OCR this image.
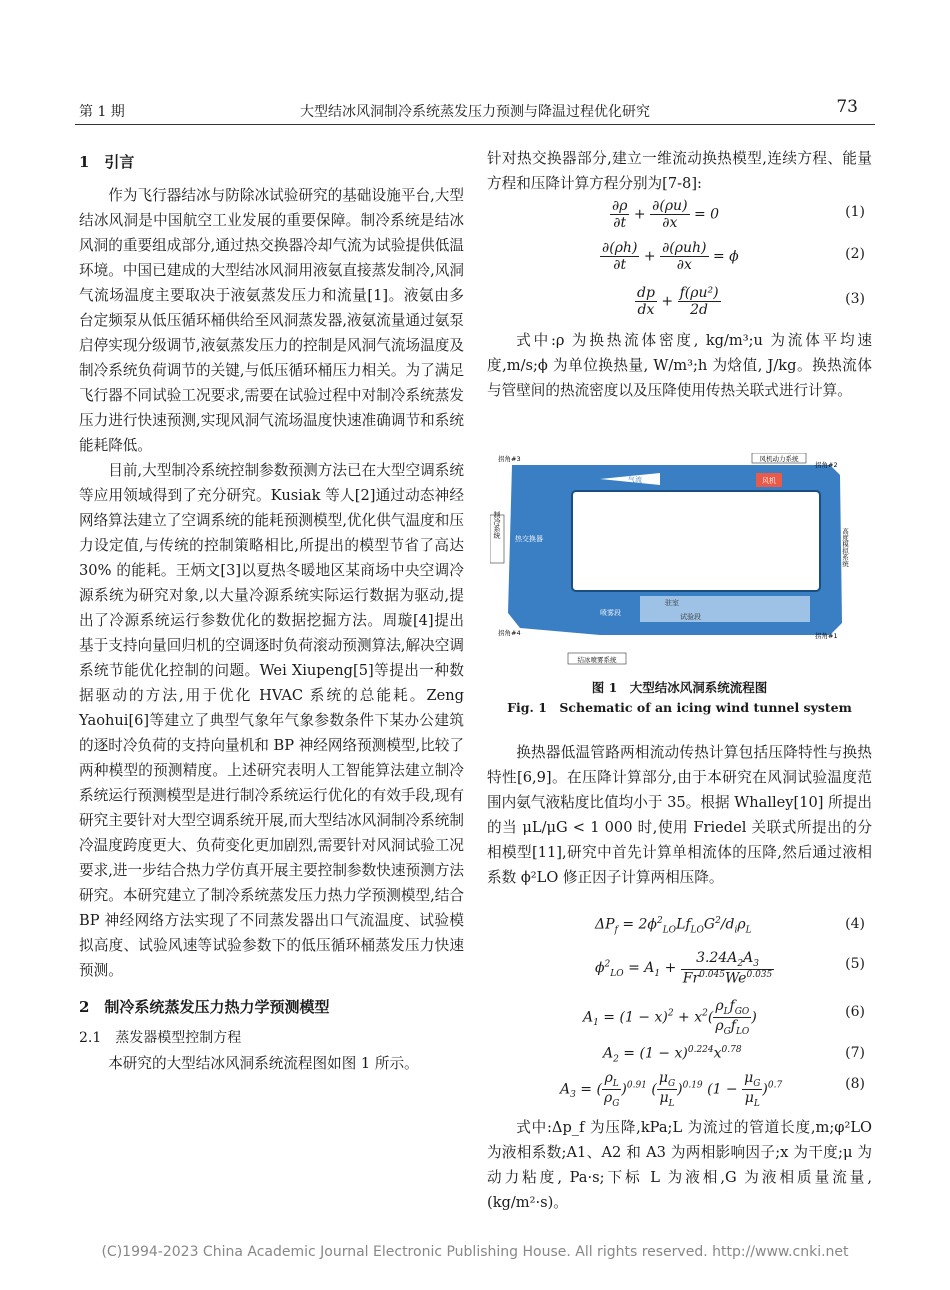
第 1 期	大型结冰风洞制冷系统蒸发压力预测与降温过程优化研究	73
1　引言

作为飞行器结冰与防除冰试验研究的基础设施平台,大型结冰风洞是中国航空工业发展的重要保障。制冷系统是结冰风洞的重要组成部分,通过热交换器冷却气流为试验提供低温环境。中国已建成的大型结冰风洞用液氨直接蒸发制冷,风洞气流场温度主要取决于液氨蒸发压力和流量[1]。液氨由多台定频泵从低压循环桶供给至风洞蒸发器,液氨流量通过氨泵启停实现分级调节,液氨蒸发压力的控制是风洞气流场温度及制冷系统负荷调节的关键,与低压循环桶压力相关。为了满足飞行器不同试验工况要求,需要在试验过程中对制冷系统蒸发压力进行快速预测,实现风洞气流场温度快速准确调节和系统能耗降低。

目前,大型制冷系统控制参数预测方法已在大型空调系统等应用领域得到了充分研究。Kusiak 等人[2]通过动态神经网络算法建立了空调系统的能耗预测模型,优化供气温度和压力设定值,与传统的控制策略相比,所提出的模型节省了高达 30% 的能耗。王炳文[3]以夏热冬暖地区某商场中央空调冷源系统为研究对象,以大量冷源系统实际运行数据为驱动,提出了冷源系统运行参数优化的数据挖掘方法。周璇[4]提出基于支持向量回归机的空调逐时负荷滚动预测算法,解决空调系统节能优化控制的问题。Wei Xiupeng[5]等提出一种数据驱动的方法,用于优化 HVAC 系统的总能耗。Zeng Yaohui[6]等建立了典型气象年气象参数条件下某办公建筑的逐时冷负荷的支持向量机和 BP 神经网络预测模型,比较了两种模型的预测精度。上述研究表明人工智能算法建立制冷系统运行预测模型是进行制冷系统运行优化的有效手段,现有研究主要针对大型空调系统开展,而大型结冰风洞制冷系统制冷温度跨度更大、负荷变化更加剧烈,需要针对风洞试验工况要求,进一步结合热力学仿真开展主要控制参数快速预测方法研究。本研究建立了制冷系统蒸发压力热力学预测模型,结合 BP 神经网络方法实现了不同蒸发器出口气流温度、试验模拟高度、试验风速等试验参数下的低压循环桶蒸发压力快速预测。

2　制冷系统蒸发压力热力学预测模型
2.1　蒸发器模型控制方程

本研究的大型结冰风洞系统流程图如图 1 所示。

针对热交换器部分,建立一维流动换热模型,连续方程、能量方程和压降计算方程分别为[7-8]:
$\frac{\partial\rho}{\partial t} + \frac{\partial(\rho u)}{\partial x} = 0$	(1)
$\frac{\partial(\rho h)}{\partial t} + \frac{\text{∂(ρuh)}}{\partial x} = \phi$	(2)
$\frac{dp}{dx} + \frac{\text{f(ρu²)}}{2d}$	(3)

式中:ρ 为换热流体密度, kg/m³;u 为流体平均速度,m/s;ϕ 为单位换热量, W/m³;h 为焓值, J/kg。换热流体与管壁间的热流密度以及压降使用传热关联式进行计算。

制冷系统
风机动力系统
风机
气流
拐角#3
拐角#2
拐角#1
拐角#4
热交换器	高度模拟系统
喷雾段
驻室
试验段
结冰喷雾系统
图 1　大型结冰风洞系统流程图
Fig. 1　Schematic of an icing wind tunnel system

换热器低温管路两相流动传热计算包括压降特性与换热特性[6,9]。在压降计算部分,由于本研究在风洞试验温度范围内氨气液粘度比值均小于 35。根据 Whalley[10] 所提出的当 μL/μG < 1 000 时,使用 Friedel 关联式所提出的分相模型[11],研究中首先计算单相流体的压降,然后通过液相系数 ϕ²LO 修正因子计算两相压降。

$\Delta P_f = 2\phi^2_{LO}Lf_{LO}G^2/d_i\rho_L$	(4)
$\phi^2_{LO} = A_1 + \frac{3.24A_2A_3}{Fr^{0.045}We^{0.035}}$	(5)
$A_1 = (1 - x)^2 + x^2( \frac{\rho_Lf_{GO}}{\rho_Gf_{LO}}$ )	(6)
$A_2 = (1 - x)^{0.224}x^{0.78}$	(7)
$A_3$ = ( $\frac{\rho_L}{\rho_G} )^{0.91}$ ( $\frac{\mu_G}{\mu_L} )^{0.19}$ $(1 - \frac{\mu_G}{\mu_L} )^{0.7}$	(8)

式中:Δp_f 为压降,kPa;L 为流过的管道长度,m;φ²LO 为液相系数;A1、A2 和 A3 为两相影响因子;x 为干度;μ 为动力粘度, Pa·s;下标 L 为液相,G 为液相质量流量,(kg/m²·s)。

(C)1994-2023 China Academic Journal Electronic Publishing House. All rights reserved. http://www.cnki.net
